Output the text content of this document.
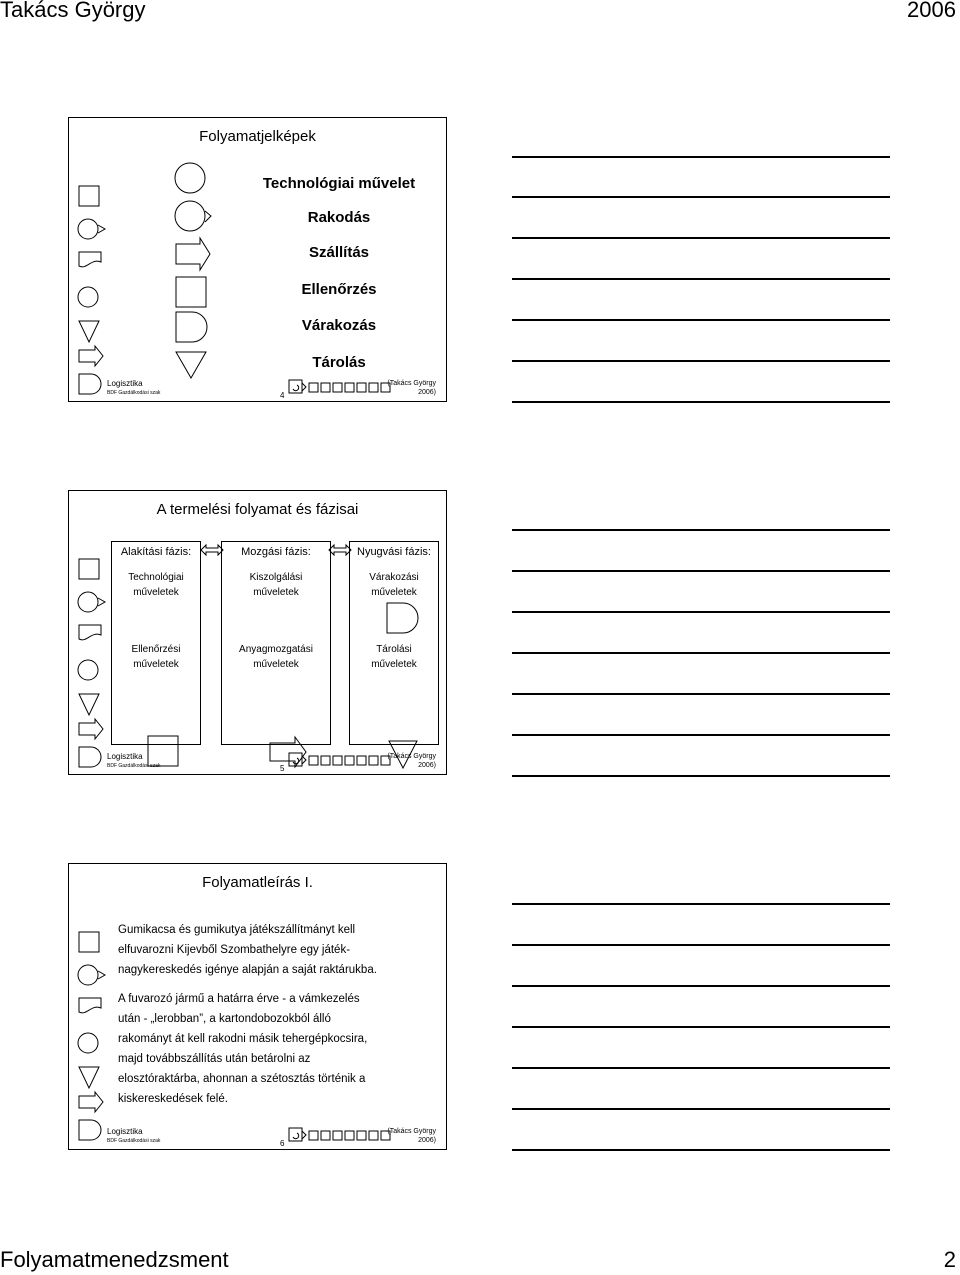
Takács György	2006
Folyamatmenedzsment	2
Folyamatjelképek
Technológiai művelet
Rakodás
Szállítás
Ellenőrzés
Várakozás
Tárolás
Logisztika
BDF Gazdálkodási szak	4
(Takács György
2006)
A termelési folyamat és fázisai
Alakítási fázis:
Technológiai
műveletek
Ellenőrzési
műveletek
Mozgási fázis:
Kiszolgálási
műveletek
Anyagmozgatási
műveletek
Nyugvási fázis:
Várakozási
műveletek
Tárolási
műveletek
Logisztika
BDF Gazdálkodási szak	5
(Takács György
2006)
Folyamatleírás I.
Gumikacsa és gumikutya játékszállítmányt kell
elfuvarozni Kijevből Szombathelyre egy játék-
nagykereskedés igénye alapján a saját raktárukba.
A fuvarozó jármű a határra érve - a vámkezelés
után - „lerobban”, a kartondobozokból álló
rakományt át kell rakodni másik tehergépkocsira,
majd továbbszállítás után betárolni az
elosztóraktárba, ahonnan a szétosztás történik a
kiskereskedések felé.
Logisztika
BDF Gazdálkodási szak	6
(Takács György
2006)
